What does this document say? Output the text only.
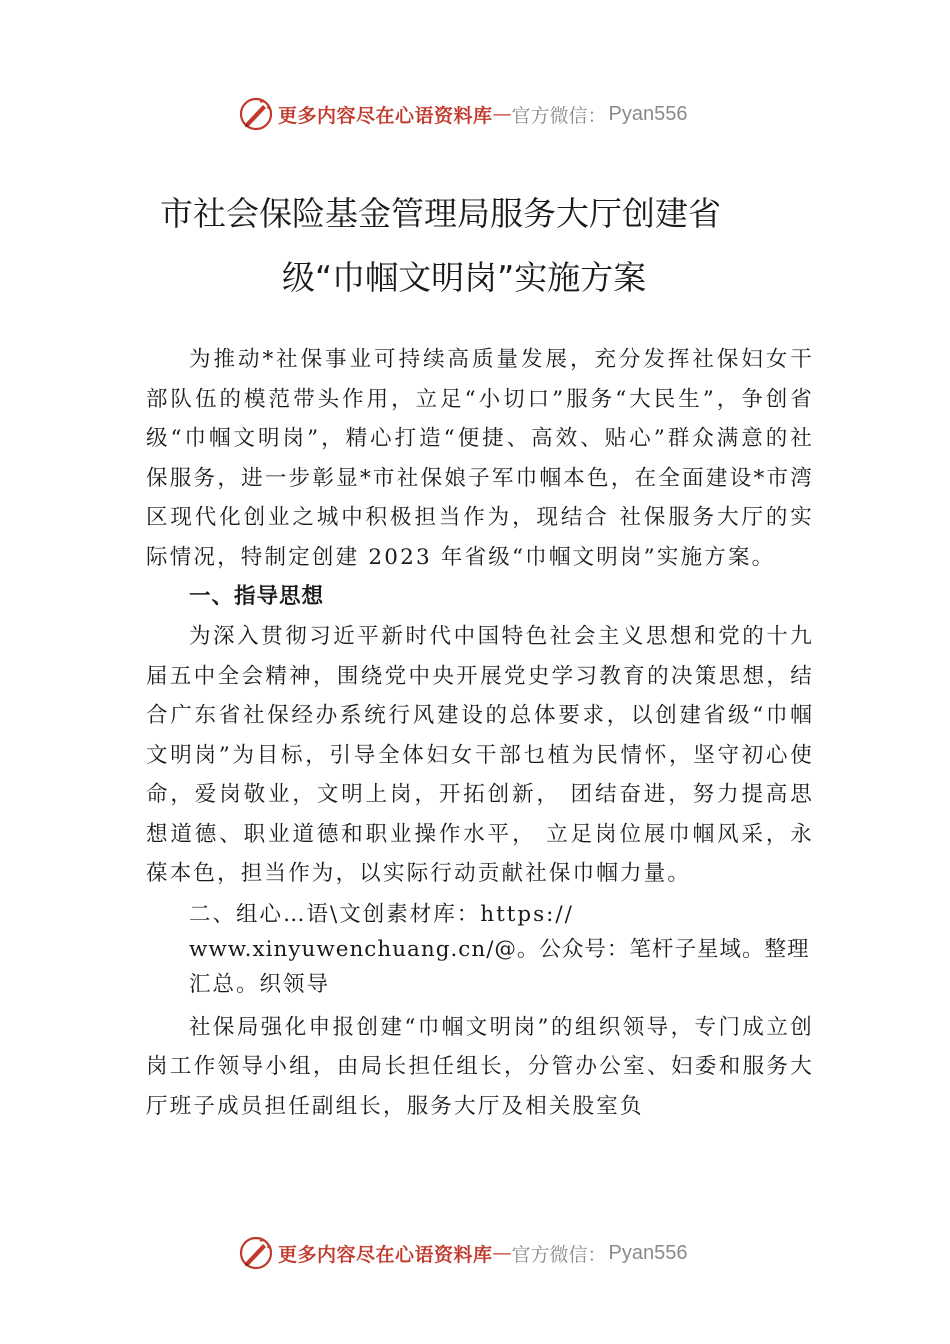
更多内容尽在心语资料库 — 官方微信： Pyan556
市社会保险基金管理局服务大厅创建省
级“巾帼文明岗”实施方案

为推动*社保事业可持续高质量发展，充分发挥社保妇女干部队伍的模范带头作用，立足“小切口”服务“大民生”，争创省级“巾帼文明岗”，精心打造“便捷、高效、贴心”群众满意的社保服务，进一步彰显*市社保娘子军巾帼本色，在全面建设*市湾区现代化创业之城中积极担当作为，现结合 社保服务大厅的实际情况，特制定创建 2023 年省级“巾帼文明岗”实施方案。

一、指导思想

为深入贯彻习近平新时代中国特色社会主义思想和党的十九届五中全会精神，围绕党中央开展党史学习教育的决策思想，结合广东省社保经办系统行风建设的总体要求，以创建省级“巾帼文明岗”为目标，引导全体妇女干部乜植为民情怀，坚守初心使命，爱岗敬业，文明上岗，开拓创新， 团结奋进，努力提高思想道德、职业道德和职业操作水平， 立足岗位展巾帼风采，永葆本色，担当作为，以实际行动贡献社保巾帼力量。

二、组心…语\文创素材库：https://
www.xinyuwenchuang.cn/@。公众号：笔杆子星域。整理
汇总。织领导

社保局强化申报创建“巾帼文明岗”的组织领导，专门成立创岗工作领导小组，由局长担任组长，分管办公室、妇委和服务大厅班子成员担任副组长，服务大厅及相关股室负

更多内容尽在心语资料库 — 官方微信： Pyan556
